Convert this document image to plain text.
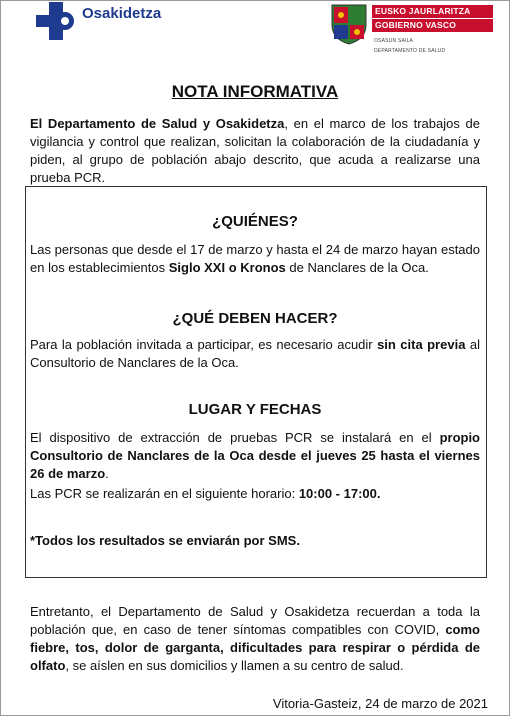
Osakidetza	EUSKO JAURLARITZA
GOBIERNO VASCO
OSASUN SAILA
DEPARTAMENTO DE SALUD
NOTA INFORMATIVA
El Departamento de Salud y Osakidetza, en el marco de los trabajos de vigilancia y control que realizan, solicitan la colaboración de la ciudadanía y piden, al grupo de población abajo descrito, que acuda a realizarse una prueba PCR.
¿QUIÉNES?
Las personas que desde el 17 de marzo y hasta el 24 de marzo hayan estado en los establecimientos Siglo XXI o Kronos de Nanclares de la Oca.
¿QUÉ DEBEN HACER?
Para la población invitada a participar, es necesario acudir sin cita previa al Consultorio de Nanclares de la Oca.
LUGAR Y FECHAS
El dispositivo de extracción de pruebas PCR se instalará en el propio Consultorio de Nanclares de la Oca desde el jueves 25 hasta el viernes 26 de marzo.
Las PCR se realizarán en el siguiente horario: 10:00 - 17:00.
*Todos los resultados se enviarán por SMS.
Entretanto, el Departamento de Salud y Osakidetza recuerdan a toda la población que, en caso de tener síntomas compatibles con COVID, como fiebre, tos, dolor de garganta, dificultades para respirar o pérdida de olfato, se aíslen en sus domicilios y llamen a su centro de salud.
Vitoria-Gasteiz, 24 de marzo de 2021
